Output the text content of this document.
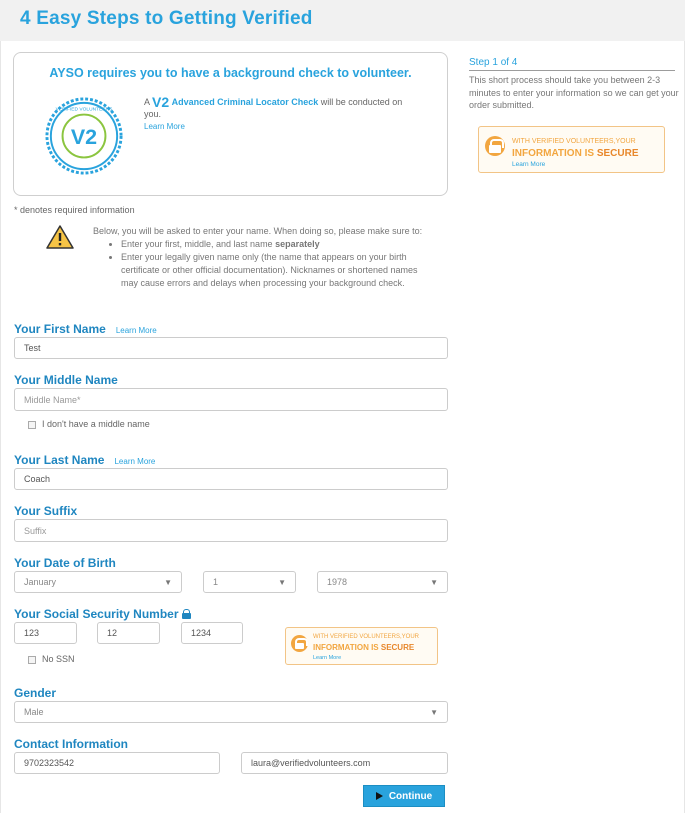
4 Easy Steps to Getting Verified
AYSO requires you to have a background check to volunteer.
V2
VERIFIED VOLUNTEERS
A V2 Advanced Criminal Locator Check will be conducted on you.
Learn More
Step 1 of 4
This short process should take you between 2-3 minutes to enter your information so we can get your order submitted.
WITH VERIFIED VOLUNTEERS,YOUR
INFORMATION IS SECURE
Learn More
* denotes required information
Below, you will be asked to enter your name. When doing so, please make sure to:
• Enter your first, middle, and last name separately
• Enter your legally given name only (the name that appears on your birth certificate or other official documentation). Nicknames or shortened names may cause errors and delays when processing your background check.
Your First Name Learn More
Test
Your Middle Name
Middle Name*
I don't have a middle name
Your Last Name Learn More
Coach
Your Suffix
Suffix
Your Date of Birth
January	▼	1	▼	1978	▼
Your Social Security Number
123	12	1234
No SSN
WITH VERIFIED VOLUNTEERS,YOUR
INFORMATION IS SECURE
Learn More
Gender
Male	▼
Contact Information
9702323542	laura@verifiedvolunteers.com
Continue
